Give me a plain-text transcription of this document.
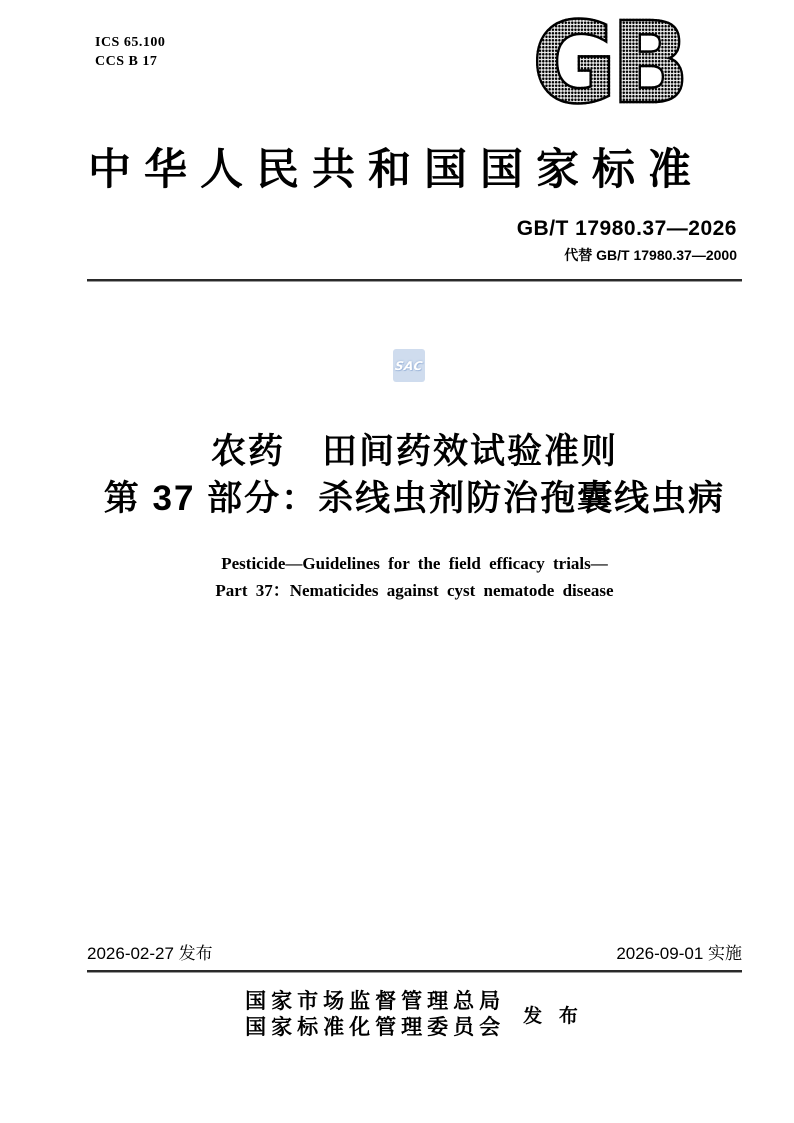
ICS 65.100
CCS B 17	GB
中华人民共和国国家标准
GB/T 17980.37—2026
代替 GB/T 17980.37—2000
SAC
农药　田间药效试验准则
第 37 部分：杀线虫剂防治孢囊线虫病
Pesticide—Guidelines for the field efficacy trials—
Part 37：Nematicides against cyst nematode disease
2026-02-27 发布	2026-09-01 实施
国家市场监督管理总局
国家标准化管理委员会 发 布
